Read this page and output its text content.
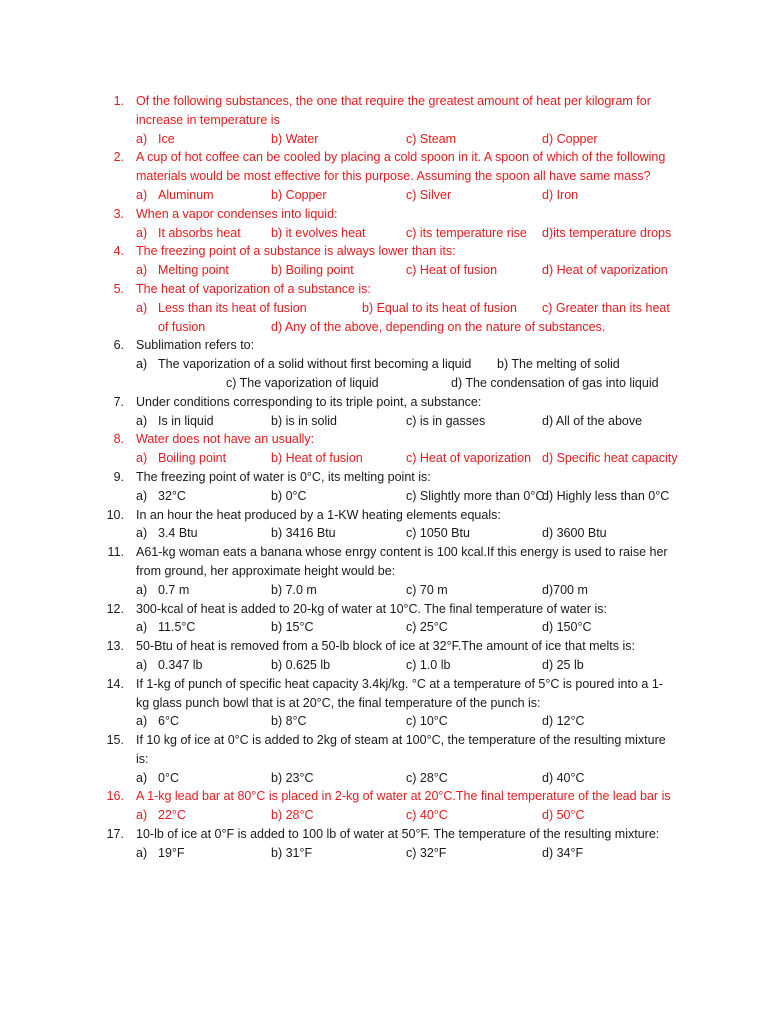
1. Of the following substances, the one that require the greatest amount of heat per kilogram for
increase in temperature is
a) Ice	b) Water	c) Steam	d) Copper
2. A cup of hot coffee can be cooled by placing a cold spoon in it. A spoon of which of the following
materials would be most effective for this purpose. Assuming the spoon all have same mass?
a) Aluminum	b) Copper	c) Silver	d) Iron
3. When a vapor condenses into liquid:
a) It absorbs heat b) it evolves heat	c) its temperature rise d)its temperature drops
4. The freezing point of a substance is always lower than its:
a) Melting point	b) Boiling point	c) Heat of fusion	d) Heat of vaporization
5. The heat of vaporization of a substance is:
a) Less than its heat of fusion	b) Equal to its heat of fusion c) Greater than its heat
of fusion	d) Any of the above, depending on the nature of substances.
6. Sublimation refers to:
a) The vaporization of a solid without first becoming a liquid b) The melting of solid
c) The vaporization of liquid	d) The condensation of gas into liquid
7. Under conditions corresponding to its triple point, a substance:
a) Is in liquid	b) is in solid	c) is in gasses	d) All of the above
8. Water does not have an usually:
a) Boiling point	b) Heat of fusion	c) Heat of vaporization d) Specific heat capacity
9. The freezing point of water is 0°C, its melting point is:
a) 32°C	b) 0°C	c) Slightly more than 0°C
d) Highly less than 0°C
10. In an hour the heat produced by a 1-KW heating elements equals:
a) 3.4 Btu	b) 3416 Btu	c) 1050 Btu	d) 3600 Btu
11. A61-kg woman eats a banana whose enrgy content is 100 kcal.If this energy is used to raise her
from ground, her approximate height would be:
a) 0.7 m	b) 7.0 m	c) 70 m	d)700 m
12. 300-kcal of heat is added to 20-kg of water at 10°C. The final temperature of water is:
a) 11.5°C	b) 15°C	c) 25°C	d) 150°C
13. 50-Btu of heat is removed from a 50-lb block of ice at 32°F.The amount of ice that melts is:
a) 0.347 lb	b) 0.625 lb	c) 1.0 lb	d) 25 lb
14. If 1-kg of punch of specific heat capacity 3.4kj/kg. °C at a temperature of 5°C is poured into a 1-
kg glass punch bowl that is at 20°C, the final temperature of the punch is:
a) 6°C	b) 8°C	c) 10°C	d) 12°C
15. If 10 kg of ice at 0°C is added to 2kg of steam at 100°C, the temperature of the resulting mixture
is:
a) 0°C	b) 23°C	c) 28°C	d) 40°C
16. A 1-kg lead bar at 80°C is placed in 2-kg of water at 20°C.The final temperature of the lead bar is
a) 22°C	b) 28°C	c) 40°C	d) 50°C
17. 10-lb of ice at 0°F is added to 100 lb of water at 50°F. The temperature of the resulting mixture:
a) 19°F	b) 31°F	c) 32°F	d) 34°F
